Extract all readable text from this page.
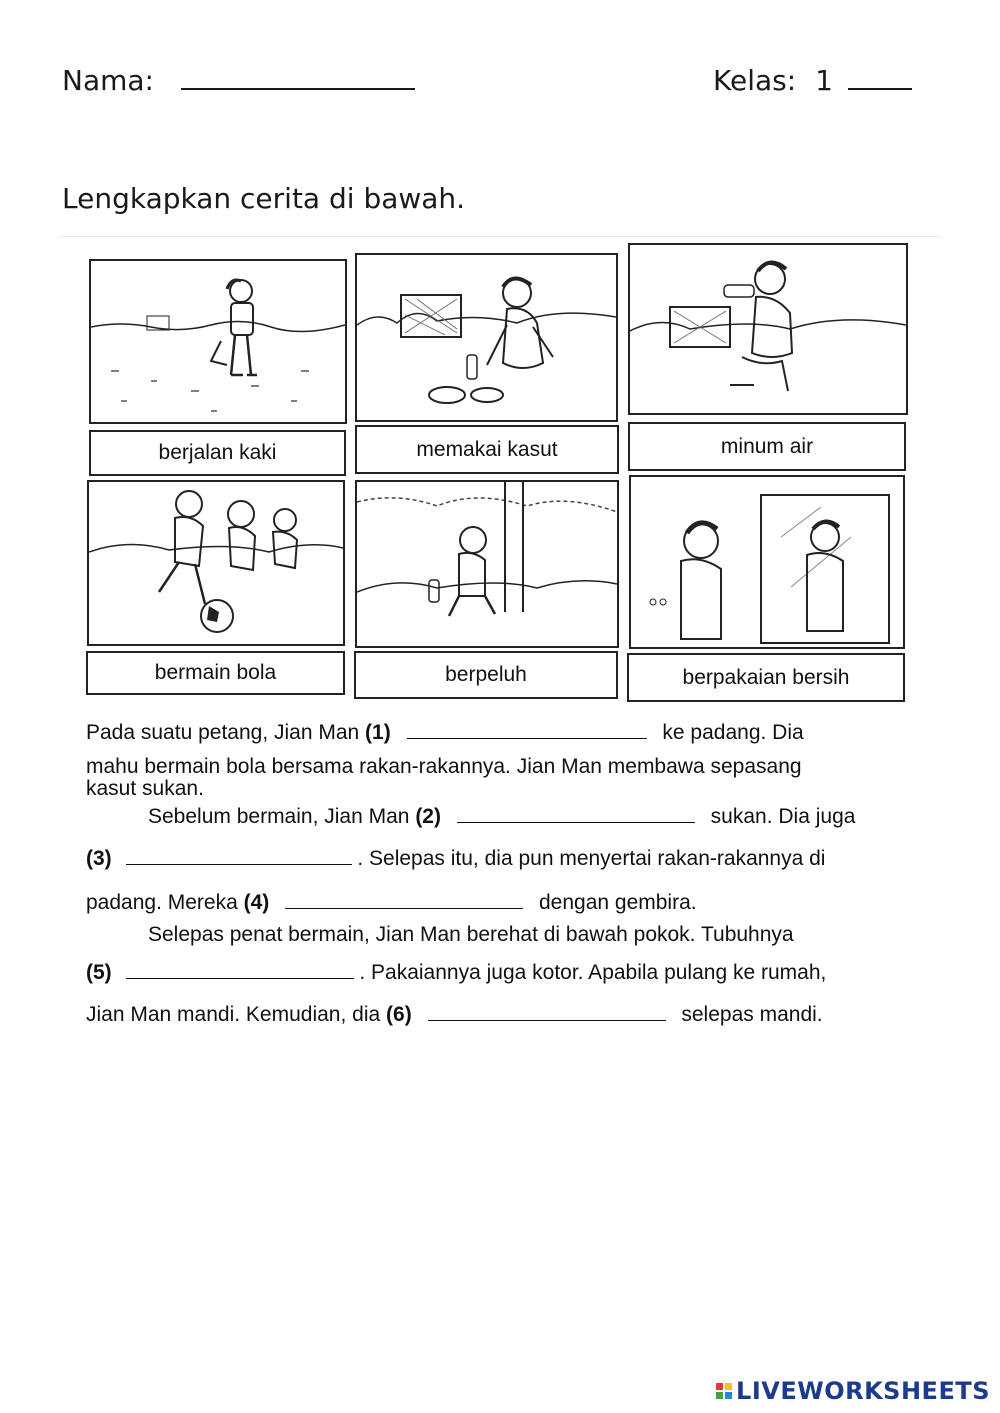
Nama:	Kelas: 1
Lengkapkan cerita di bawah.
berjalan kaki	memakai kasut	minum air
bermain bola	berpeluh	berpakaian bersih
Pada suatu petang, Jian Man (1)	ke padang. Dia
mahu bermain bola bersama rakan-rakannya. Jian Man membawa sepasang
kasut sukan.
Sebelum bermain, Jian Man (2)	sukan. Dia juga
(3)	. Selepas itu, dia pun menyertai rakan-rakannya di
padang. Mereka (4)	dengan gembira.
Selepas penat bermain, Jian Man berehat di bawah pokok. Tubuhnya
(5)	. Pakaiannya juga kotor. Apabila pulang ke rumah,
Jian Man mandi. Kemudian, dia (6)	selepas mandi.
LIVEWORKSHEETS
